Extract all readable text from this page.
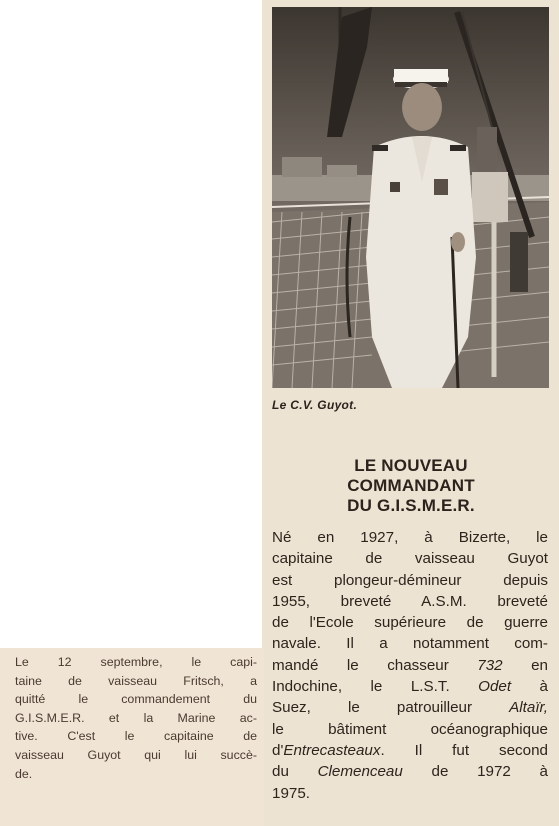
Le C.V. Guyot.
LE NOUVEAU
COMMANDANT
DU G.I.S.M.E.R.
Né en 1927, à Bizerte, le
capitaine de vaisseau Guyot
est plongeur-démineur depuis
1955, breveté A.S.M. breveté
de l'Ecole supérieure de guerre
navale. Il a notamment com-
mandé le chasseur 732 en
Indochine, le L.S.T. Odet à
Suez, le patrouilleur Altaïr,
le bâtiment océanographique
d'Entrecasteaux. Il fut second
du Clemenceau de 1972 à
1975.
Le 12 septembre, le capi-
taine de vaisseau Fritsch, a
quitté le commandement du
G.I.S.M.E.R. et la Marine ac-
tive. C'est le capitaine de
vaisseau Guyot qui lui succè-
de.
